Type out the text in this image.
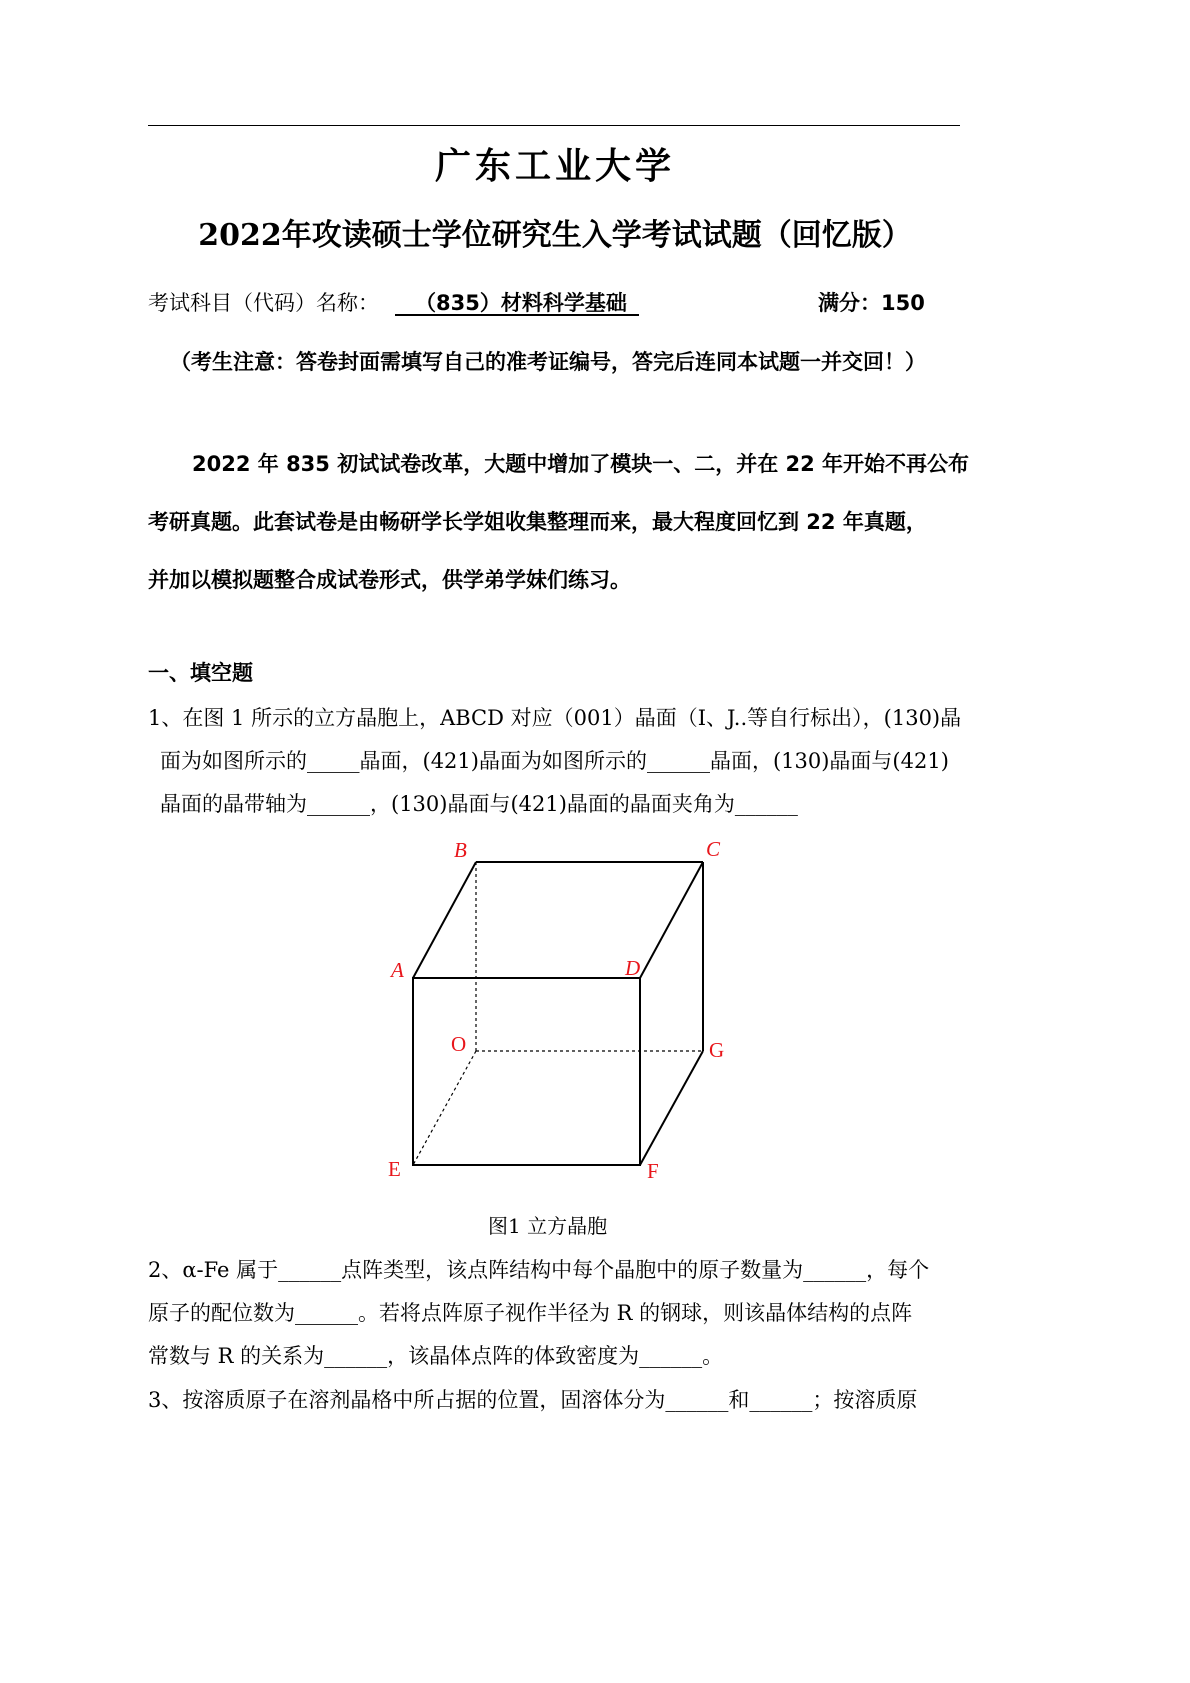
广东工业大学
2022年攻读硕士学位研究生入学考试试题（回忆版）
考试科目（代码）名称：	（835）材料科学基础	满分：150
（考生注意：答卷封面需填写自己的准考证编号，答完后连同本试题一并交回！）
2022 年 835 初试试卷改革，大题中增加了模块一、二，并在 22 年开始不再公布
考研真题。此套试卷是由畅研学长学姐收集整理而来，最大程度回忆到 22 年真题，
并加以模拟题整合成试卷形式，供学弟学妹们练习。
一、填空题
1、在图 1 所示的立方晶胞上，ABCD 对应（001）晶面（I、J..等自行标出），(130)晶
面为如图所示的_____晶面，(421)晶面为如图所示的______晶面，(130)晶面与(421)
晶面的晶带轴为______，(130)晶面与(421)晶面的晶面夹角为______
B	C
A	D
O	G
E	F
图1 立方晶胞
2、α-Fe 属于______点阵类型，该点阵结构中每个晶胞中的原子数量为______，每个
原子的配位数为______。若将点阵原子视作半径为 R 的钢球，则该晶体结构的点阵
常数与 R 的关系为______，该晶体点阵的体致密度为______。
3、按溶质原子在溶剂晶格中所占据的位置，固溶体分为______和______；按溶质原
